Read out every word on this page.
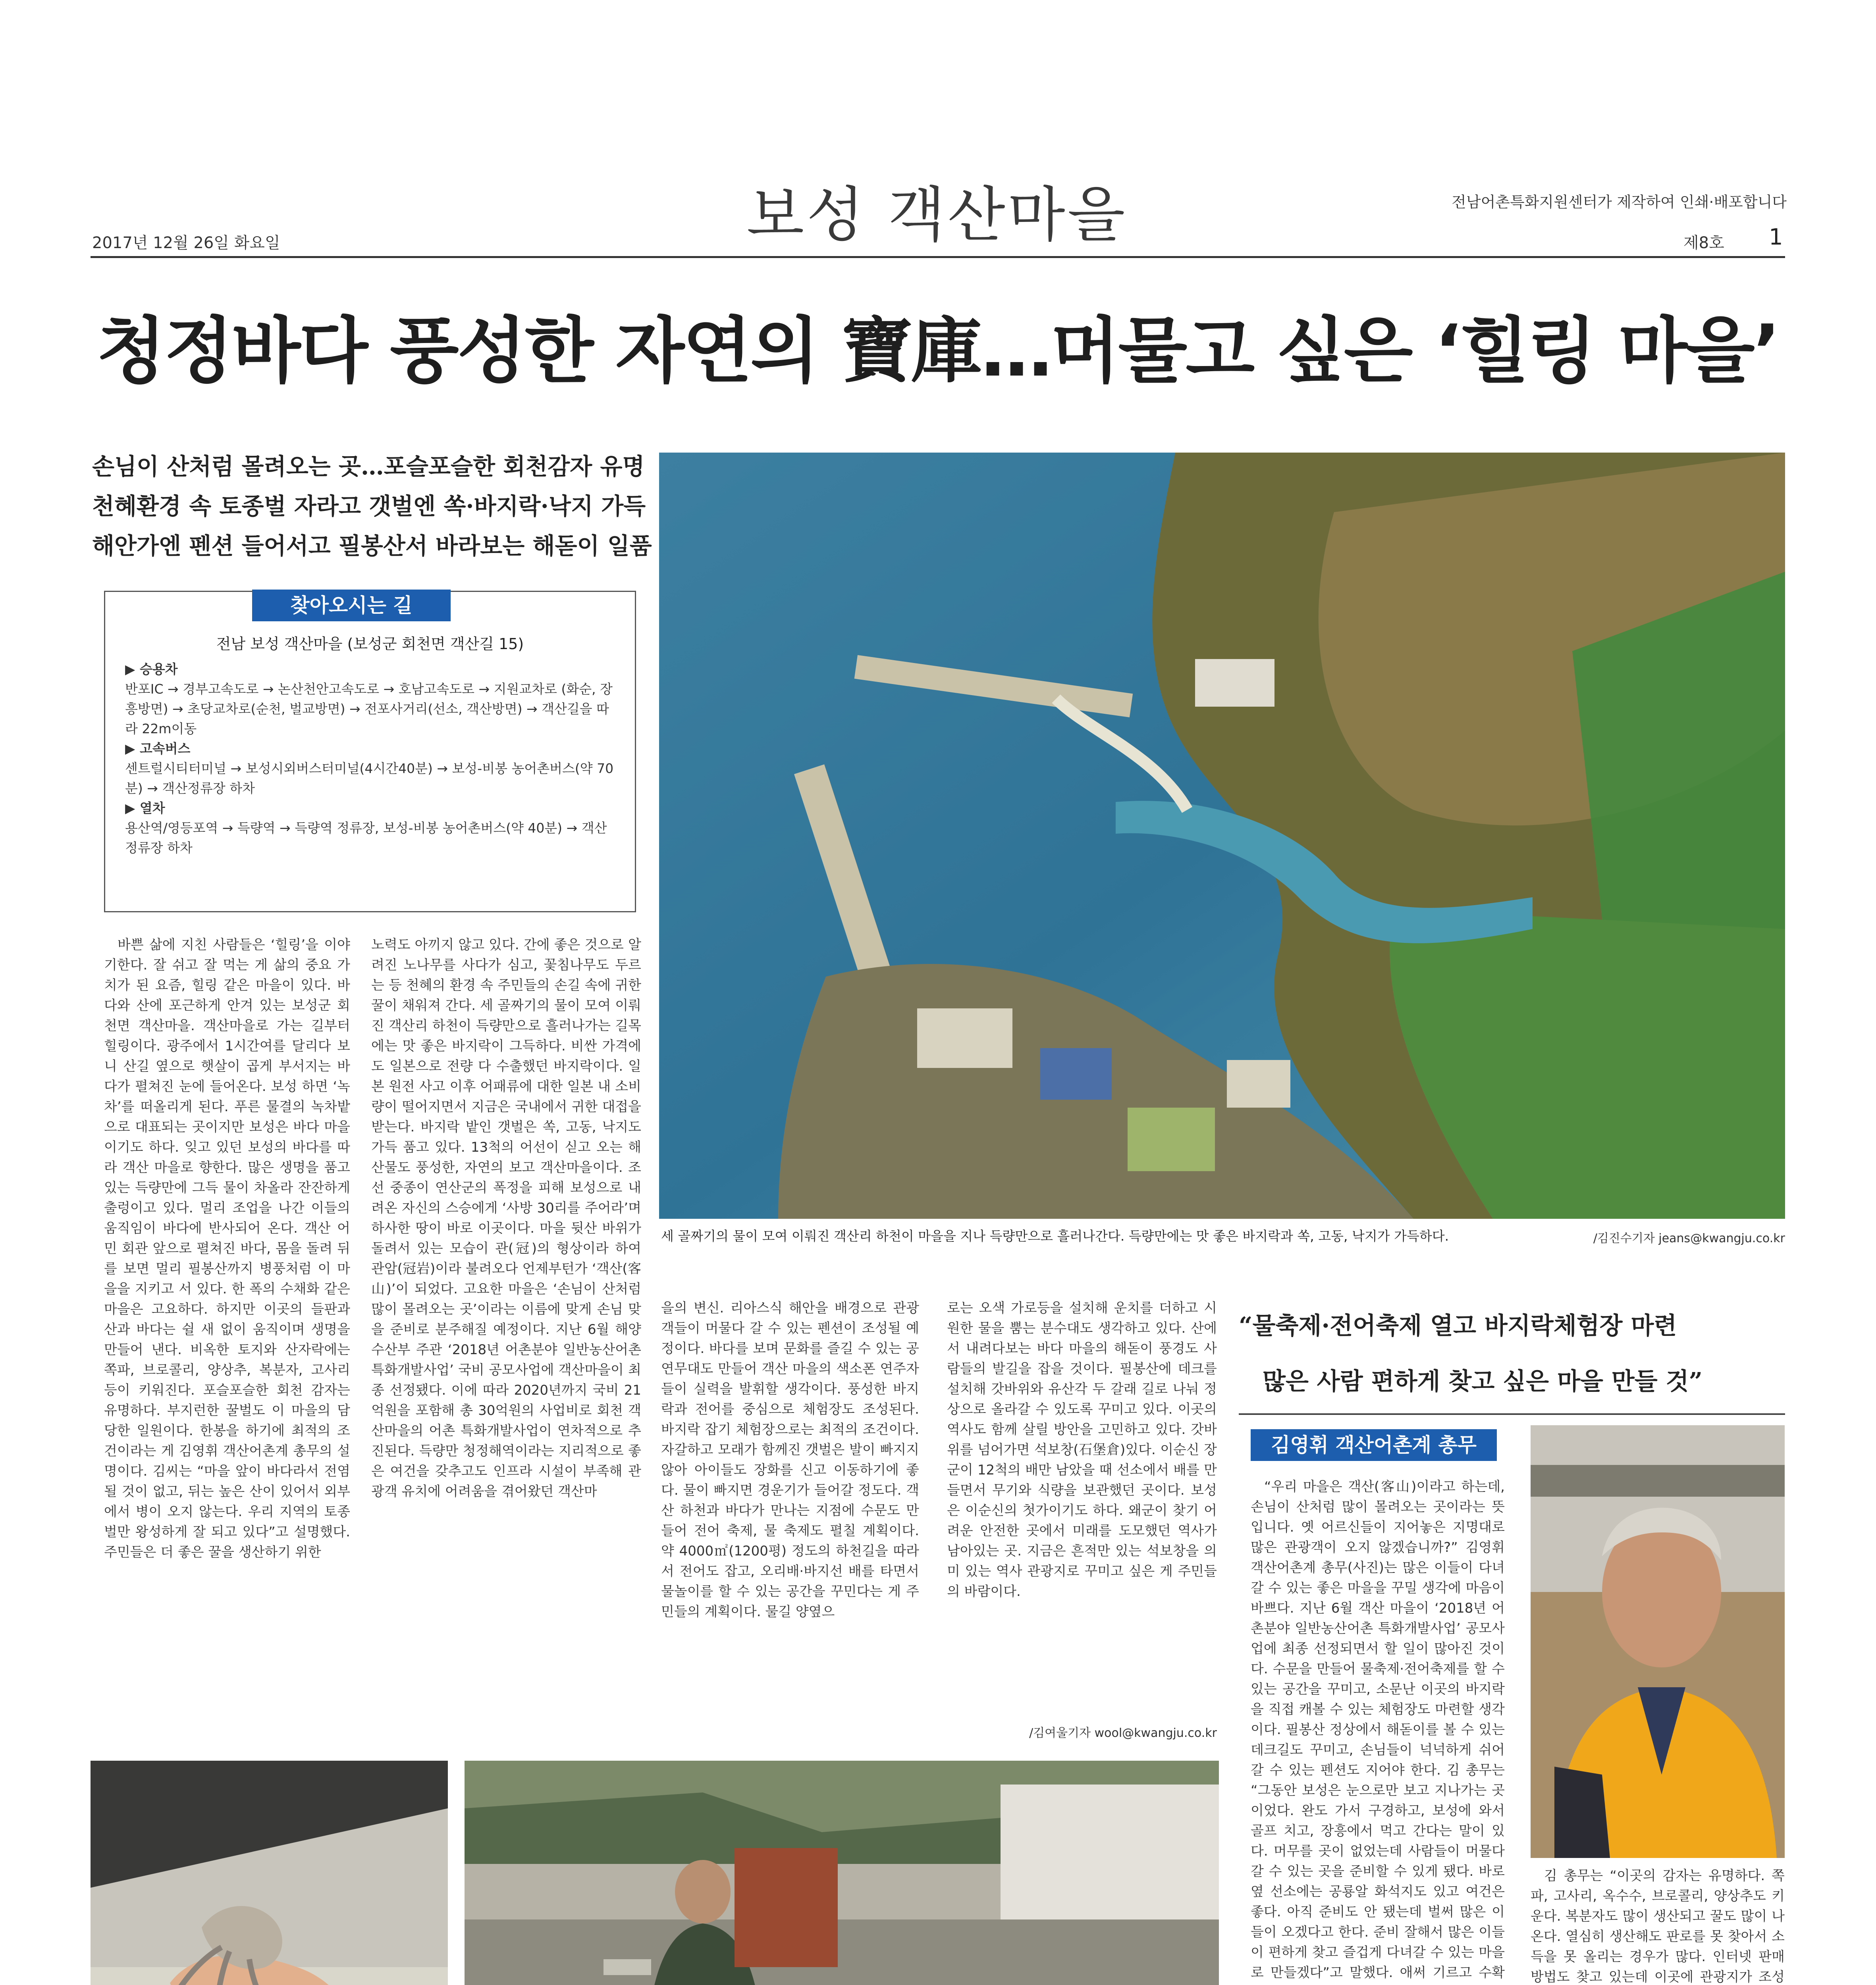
보성 객산마을
2017년 12월 26일 화요일
전남어촌특화지원센터가 제작하여 인쇄·배포합니다
제8호 1
청정바다 풍성한 자연의 寶庫…머물고 싶은 ‘힐링 마을’
손님이 산처럼 몰려오는 곳…포슬포슬한 회천감자 유명
천혜환경 속 토종벌 자라고 갯벌엔 쏙·바지락·낙지 가득
해안가엔 펜션 들어서고 필봉산서 바라보는 해돋이 일품
찾아오시는 길
전남 보성 객산마을 (보성군 회천면 객산길 15)
▶ 승용차
반포IC → 경부고속도로 → 논산천안고속도로 → 호남고속도로 → 지원교차로 (화순, 장흥방면) → 초당교차로(순천, 벌교방면) → 전포사거리(선소, 객산방면) → 객산길을 따라 22m이동
▶ 고속버스
센트럴시티터미널 → 보성시외버스터미널(4시간40분) → 보성-비봉 농어촌버스(약 70분) → 객산정류장 하차
▶ 열차
용산역/영등포역 → 득량역 → 득량역 정류장, 보성-비봉 농어촌버스(약 40분) → 객산정류장 하차
세 골짜기의 물이 모여 이뤄진 객산리 하천이 마을을 지나 득량만으로 흘러나간다. 득량만에는 맛 좋은 바지락과 쏙, 고동, 낙지가 가득하다.	/김진수기자 jeans@kwangju.co.kr

바쁜 삶에 지친 사람들은 ‘힐링’을 이야기한다. 잘 쉬고 잘 먹는 게 삶의 중요 가치가 된 요즘, 힐링 같은 마을이 있다. 바다와 산에 포근하게 안겨 있는 보성군 회천면 객산마을. 객산마을로 가는 길부터 힐링이다. 광주에서 1시간여를 달리다 보니 산길 옆으로 햇살이 곱게 부서지는 바다가 펼쳐진 눈에 들어온다. 보성 하면 ‘녹차’를 떠올리게 된다. 푸른 물결의 녹차밭으로 대표되는 곳이지만 보성은 바다 마을이기도 하다. 잊고 있던 보성의 바다를 따라 객산 마을로 향한다. 많은 생명을 품고 있는 득량만에 그득 물이 차올라 잔잔하게 출렁이고 있다. 멀리 조업을 나간 이들의 움직임이 바다에 반사되어 온다. 객산 어민 회관 앞으로 펼쳐진 바다, 몸을 돌려 뒤를 보면 멀리 필봉산까지 병풍처럼 이 마을을 지키고 서 있다. 한 폭의 수채화 같은 마을은 고요하다. 하지만 이곳의 들판과 산과 바다는 쉴 새 없이 움직이며 생명을 만들어 낸다. 비옥한 토지와 산자락에는 쪽파, 브로콜리, 양상추, 복분자, 고사리 등이 키워진다. 포슬포슬한 회천 감자는 유명하다. 부지런한 꿀벌도 이 마을의 담당한 일원이다. 한봉을 하기에 최적의 조건이라는 게 김영휘 객산어촌계 총무의 설명이다. 김씨는 “마을 앞이 바다라서 전염될 것이 없고, 뒤는 높은 산이 있어서 외부에서 병이 오지 않는다. 우리 지역의 토종벌만 왕성하게 잘 되고 있다”고 설명했다. 주민들은 더 좋은 꿀을 생산하기 위한

노력도 아끼지 않고 있다. 간에 좋은 것으로 알려진 노나무를 사다가 심고, 꽃침나무도 두르는 등 천혜의 환경 속 주민들의 손길 속에 귀한 꿀이 채워져 간다. 세 골짜기의 물이 모여 이뤄진 객산리 하천이 득량만으로 흘러나가는 길목에는 맛 좋은 바지락이 그득하다. 비싼 가격에도 일본으로 전량 다 수출했던 바지락이다. 일본 원전 사고 이후 어패류에 대한 일본 내 소비량이 떨어지면서 지금은 국내에서 귀한 대접을 받는다. 바지락 밭인 갯벌은 쏙, 고동, 낙지도 가득 품고 있다. 13척의 어선이 싣고 오는 해산물도 풍성한, 자연의 보고 객산마을이다. 조선 중종이 연산군의 폭정을 피해 보성으로 내려온 자신의 스승에게 ‘사방 30리를 주어라’며 하사한 땅이 바로 이곳이다. 마을 뒷산 바위가 돌려서 있는 모습이 관(冠)의 형상이라 하여 관암(冠岩)이라 불려오다 언제부턴가 ‘객산(客山)’이 되었다. 고요한 마을은 ‘손님이 산처럼 많이 몰려오는 곳’이라는 이름에 맞게 손님 맞을 준비로 분주해질 예정이다. 지난 6월 해양수산부 주관 ‘2018년 어촌분야 일반농산어촌 특화개발사업’ 국비 공모사업에 객산마을이 최종 선정됐다. 이에 따라 2020년까지 국비 21억원을 포함해 총 30억원의 사업비로 회천 객산마을의 어촌 특화개발사업이 연차적으로 추진된다. 득량만 청정해역이라는 지리적으로 좋은 여건을 갖추고도 인프라 시설이 부족해 관광객 유치에 어려움을 겪어왔던 객산마

을의 변신. 리아스식 해안을 배경으로 관광객들이 머물다 갈 수 있는 펜션이 조성될 예정이다. 바다를 보며 문화를 즐길 수 있는 공연무대도 만들어 객산 마을의 색소폰 연주자들이 실력을 발휘할 생각이다. 풍성한 바지락과 전어를 중심으로 체험장도 조성된다. 바지락 잡기 체험장으로는 최적의 조건이다. 자갈하고 모래가 함께진 갯벌은 발이 빠지지 않아 아이들도 장화를 신고 이동하기에 좋다. 물이 빠지면 경운기가 들어갈 정도다. 객산 하천과 바다가 만나는 지점에 수문도 만들어 전어 축제, 물 축제도 펼칠 계획이다. 약 4000㎡(1200평) 정도의 하천길을 따라서 전어도 잡고, 오리배·바지선 배를 타면서 물놀이를 할 수 있는 공간을 꾸민다는 게 주민들의 계획이다. 물길 양옆으

로는 오색 가로등을 설치해 운치를 더하고 시원한 물을 뿜는 분수대도 생각하고 있다. 산에서 내려다보는 바다 마을의 해돋이 풍경도 사람들의 발길을 잡을 것이다. 필봉산에 데크를 설치해 갓바위와 유산각 두 갈래 길로 나눠 정상으로 올라갈 수 있도록 꾸미고 있다. 이곳의 역사도 함께 살릴 방안을 고민하고 있다. 갓바위를 넘어가면 석보창(石堡倉)있다. 이순신 장군이 12척의 배만 남았을 때 선소에서 배를 만들면서 무기와 식량을 보관했던 곳이다. 보성은 이순신의 첫가이기도 하다. 왜군이 찾기 어려운 안전한 곳에서 미래를 도모했던 역사가 남아있는 곳. 지금은 흔적만 있는 석보창을 의미 있는 역사 관광지로 꾸미고 싶은 게 주민들의 바람이다.

/김여울기자 wool@kwangju.co.kr
“물축제·전어축제 열고 바지락체험장 마련
많은 사람 편하게 찾고 싶은 마을 만들 것”
김영휘 객산어촌계 총무

“우리 마을은 객산(客山)이라고 하는데, 손님이 산처럼 많이 몰려오는 곳이라는 뜻입니다. 옛 어르신들이 지어놓은 지명대로 많은 관광객이 오지 않겠습니까?” 김영휘 객산어촌계 총무(사진)는 많은 이들이 다녀갈 수 있는 좋은 마을을 꾸밀 생각에 마음이 바쁘다. 지난 6월 객산 마을이 ‘2018년 어촌분야 일반농산어촌 특화개발사업’ 공모사업에 최종 선정되면서 할 일이 많아진 것이다. 수문을 만들어 물축제·전어축제를 할 수 있는 공간을 꾸미고, 소문난 이곳의 바지락을 직접 캐볼 수 있는 체험장도 마련할 생각이다. 필봉산 정상에서 해돋이를 볼 수 있는 데크길도 꾸미고, 손님들이 넉넉하게 쉬어갈 수 있는 펜션도 지어야 한다. 김 총무는 “그동안 보성은 눈으로만 보고 지나가는 곳이었다. 완도 가서 구경하고, 보성에 와서 골프 치고, 장흥에서 먹고 간다는 말이 있다. 머무를 곳이 없었는데 사람들이 머물다 갈 수 있는 곳을 준비할 수 있게 됐다. 바로 옆 선소에는 공룡알 화석지도 있고 여건은 좋다. 아직 준비도 안 됐는데 벌써 많은 이들이 오겠다고 한다. 준비 잘해서 많은 이들이 편하게 찾고 즐겁게 다녀갈 수 있는 마을로 만들겠다”고 말했다. 애써 기르고 수확

김 총무는 “이곳의 감자는 유명하다. 쪽파, 고사리, 옥수수, 브로콜리, 양상추도 키운다. 복분자도 많이 생산되고 꿀도 많이 나온다. 열심히 생산해도 판로를 못 찾아서 소득을 못 올리는 경우가 많다. 인터넷 판매 방법도 찾고 있는데 이곳에 관광지가 조성
